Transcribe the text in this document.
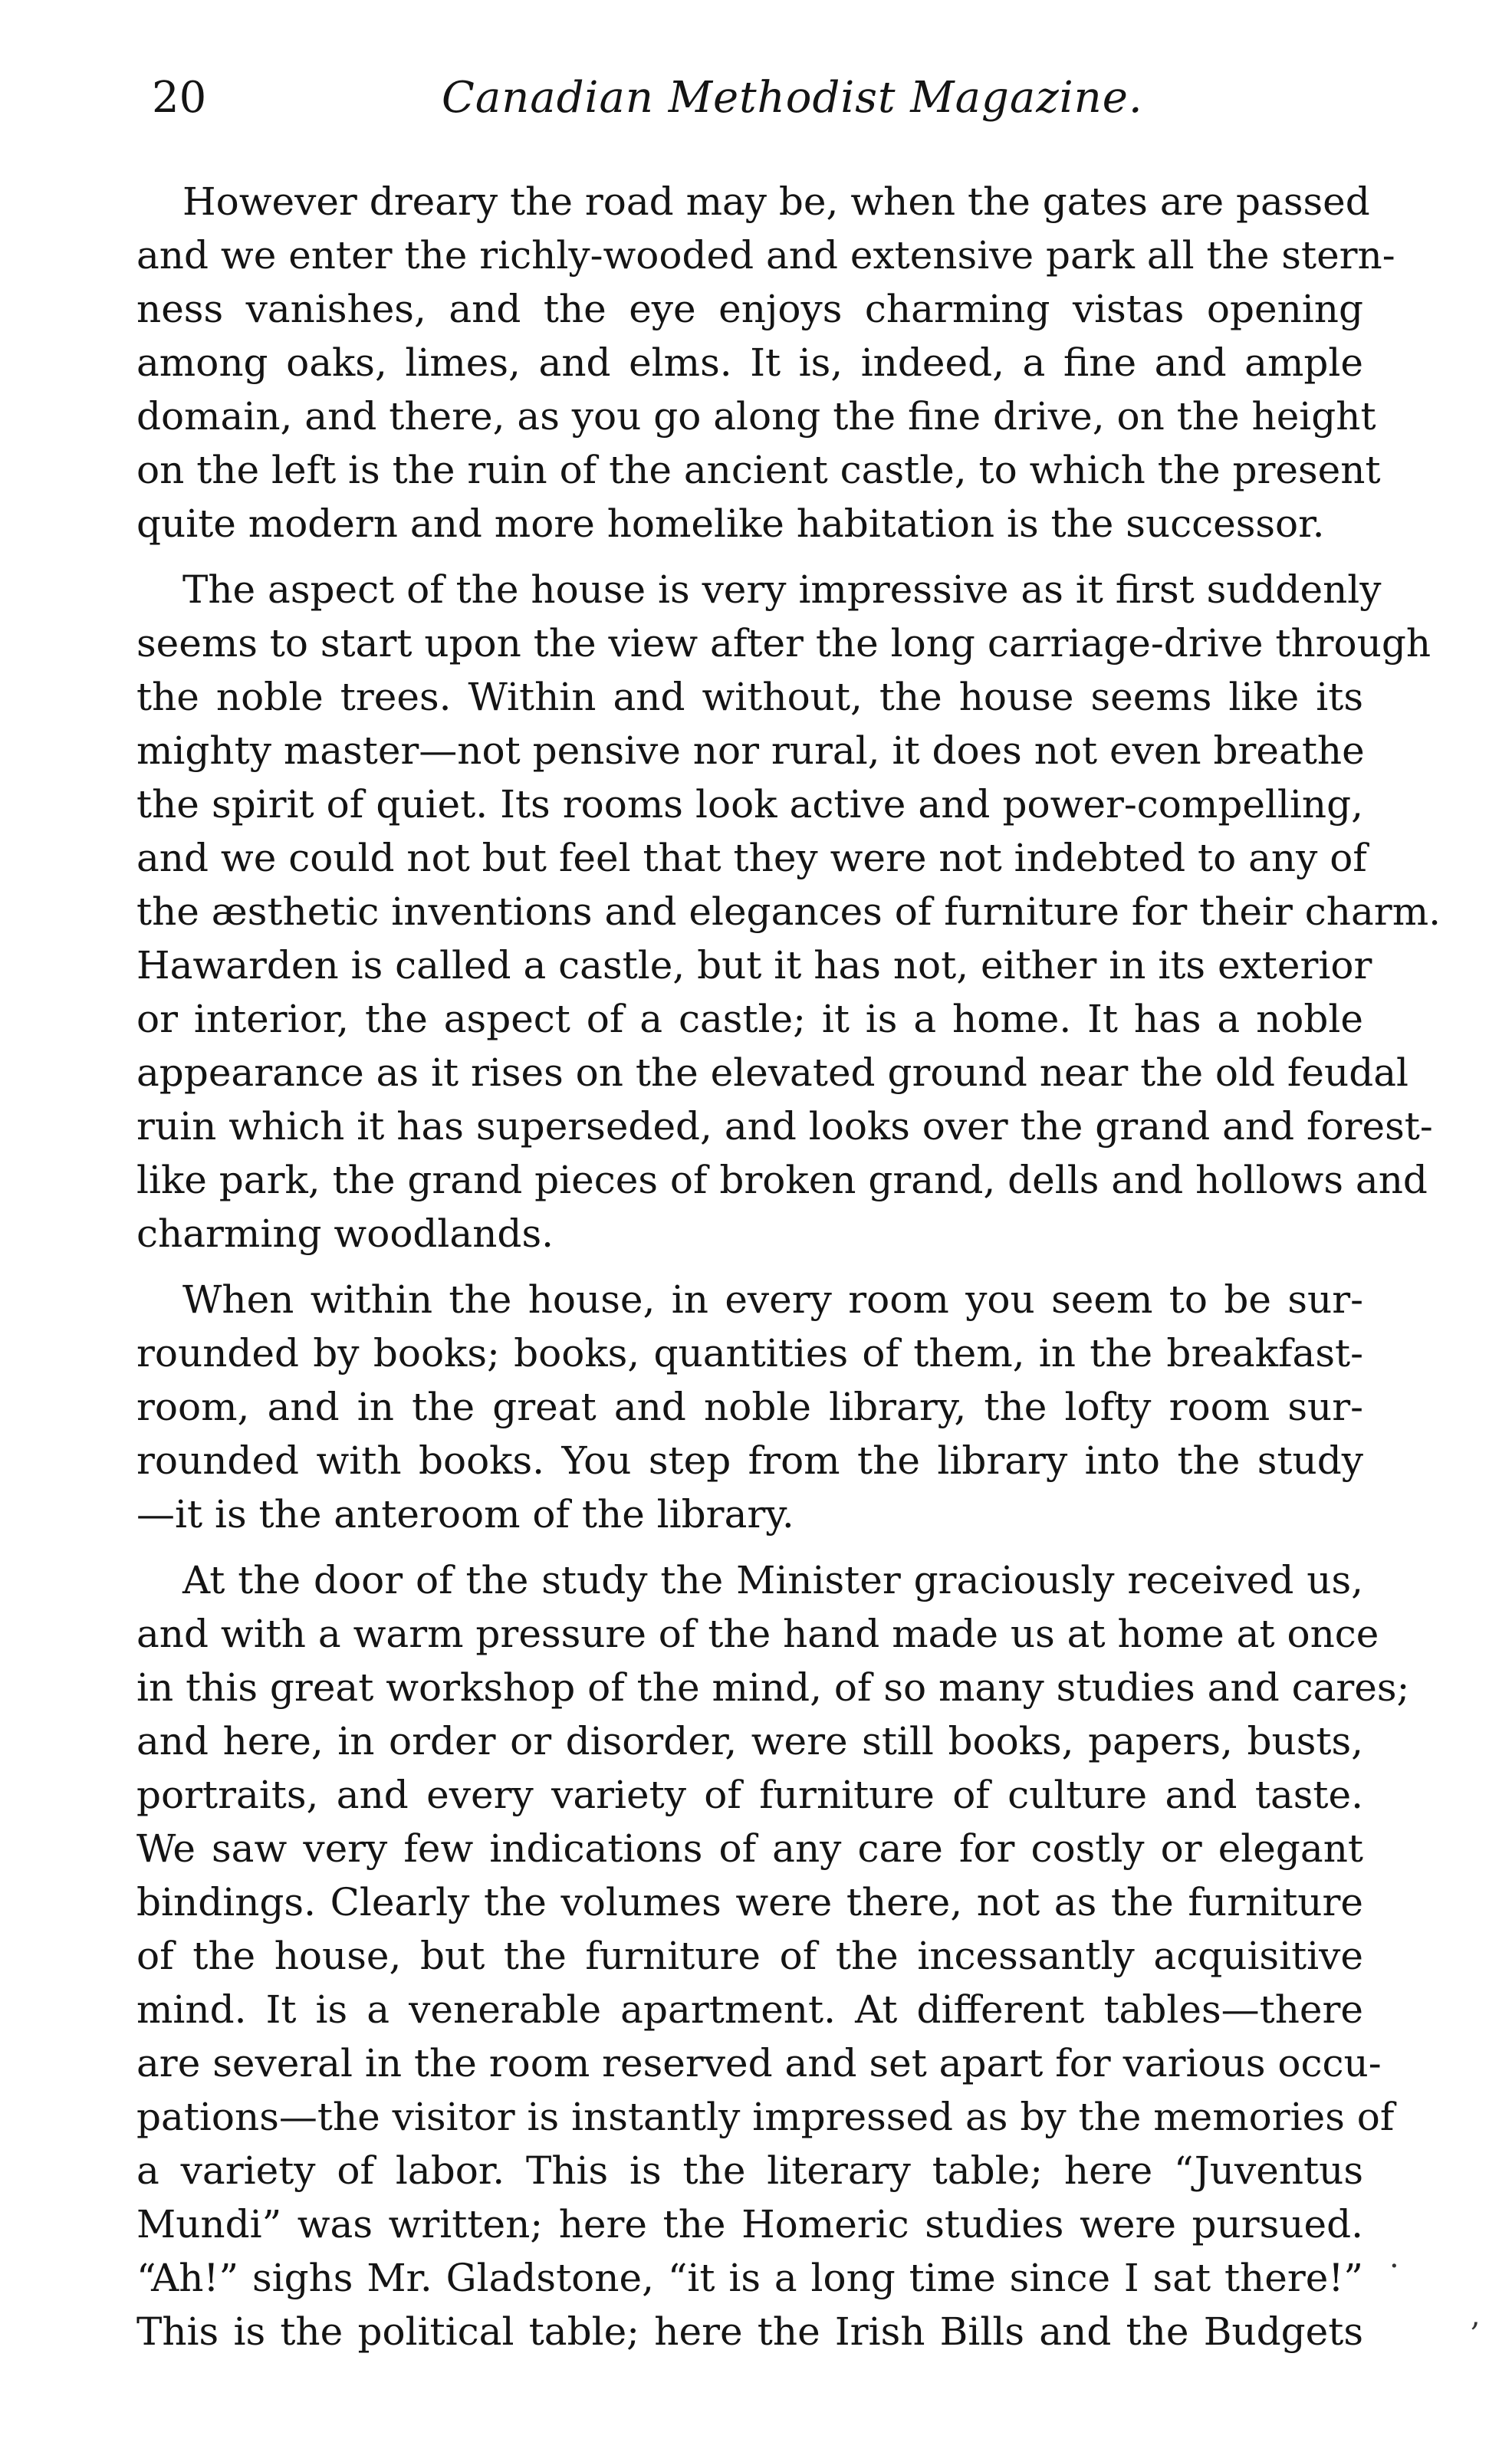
20	Canadian Methodist Magazine.
However dreary the road may be, when the gates are passed
and we enter the richly-wooded and extensive park all the stern-
ness vanishes, and the eye enjoys charming vistas opening
among oaks, limes, and elms. It is, indeed, a fine and ample
domain, and there, as you go along the fine drive, on the height
on the left is the ruin of the ancient castle, to which the present
quite modern and more homelike habitation is the successor.
The aspect of the house is very impressive as it first suddenly
seems to start upon the view after the long carriage-drive through
the noble trees. Within and without, the house seems like its
mighty master—not pensive nor rural, it does not even breathe
the spirit of quiet. Its rooms look active and power-compelling,
and we could not but feel that they were not indebted to any of
the æsthetic inventions and elegances of furniture for their charm.
Hawarden is called a castle, but it has not, either in its exterior
or interior, the aspect of a castle; it is a home. It has a noble
appearance as it rises on the elevated ground near the old feudal
ruin which it has superseded, and looks over the grand and forest-
like park, the grand pieces of broken grand, dells and hollows and
charming woodlands.
When within the house, in every room you seem to be sur-
rounded by books; books, quantities of them, in the breakfast-
room, and in the great and noble library, the lofty room sur-
rounded with books. You step from the library into the study
—it is the anteroom of the library.
At the door of the study the Minister graciously received us,
and with a warm pressure of the hand made us at home at once
in this great workshop of the mind, of so many studies and cares;
and here, in order or disorder, were still books, papers, busts,
portraits, and every variety of furniture of culture and taste.
We saw very few indications of any care for costly or elegant
bindings. Clearly the volumes were there, not as the furniture
of the house, but the furniture of the incessantly acquisitive
mind. It is a venerable apartment. At different tables—there
are several in the room reserved and set apart for various occu-
pations—the visitor is instantly impressed as by the memories of
a variety of labor. This is the literary table; here “Juventus
Mundi” was written; here the Homeric studies were pursued.
“Ah!” sighs Mr. Gladstone, “it is a long time since I sat there!”
This is the political table; here the Irish Bills and the Budgets
·
,
